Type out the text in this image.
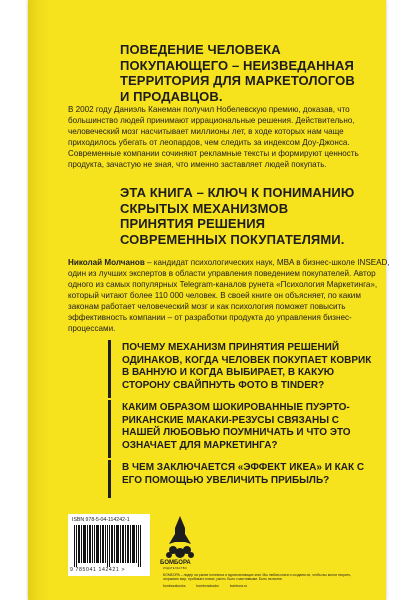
ПОВЕДЕНИЕ ЧЕЛОВЕКА ПОКУПАЮЩЕГО – НЕИЗВЕДАННАЯ ТЕРРИТОРИЯ ДЛЯ МАРКЕТОЛОГОВ И ПРОДАВЦОВ.

В 2002 году Даниэль Канеман получил Нобелевскую премию, доказав, что большинство людей принимают иррациональные решения. Действительно, человеческий мозг насчитывает миллионы лет, в ходе которых нам чаще приходилось убегать от леопардов, чем следить за индексом Доу-Джонса. Современные компании сочиняют рекламные тексты и формируют ценность продукта, зачастую не зная, что именно заставляет людей покупать.

ЭТА КНИГА – КЛЮЧ К ПОНИМАНИЮ СКРЫТЫХ МЕХАНИЗМОВ ПРИНЯТИЯ РЕШЕНИЯ СОВРЕМЕННЫХ ПОКУПАТЕЛЯМИ.

Николай Молчанов – кандидат психологических наук, MBA в бизнес-школе INSEAD, один из лучших экспертов в области управления поведением покупателей. Автор одного из самых популярных Telegram-каналов рунета «Психология Маркетинга», который читают более 110 000 человек. В своей книге он объясняет, по каким законам работает человеческий мозг и как психология поможет повысить эффективность компании – от разработки продукта до управления бизнес-процессами.

ПОЧЕМУ МЕХАНИЗМ ПРИНЯТИЯ РЕШЕНИЙ ОДИНАКОВ, КОГДА ЧЕЛОВЕК ПОКУПАЕТ КОВРИК В ВАННУЮ И КОГДА ВЫБИРАЕТ, В КАКУЮ СТОРОНУ СВАЙПНУТЬ ФОТО В TINDER?

КАКИМ ОБРАЗОМ ШОКИРОВАННЫЕ ПУЭРТО-РИКАНСКИЕ МАКАКИ-РЕЗУСЫ СВЯЗАНЫ С НАШЕЙ ЛЮБОВЬЮ ПОУМНИЧАТЬ И ЧТО ЭТО ОЗНАЧАЕТ ДЛЯ МАРКЕТИНГА?

В ЧЕМ ЗАКЛЮЧАЕТСЯ «ЭФФЕКТ ИКЕА» И КАК С ЕГО ПОМОЩЬЮ УВЕЛИЧИТЬ ПРИБЫЛЬ?

ISBN 978-5-04-114242-1
9 785041 142421 >
БОМБОРА
ИЗДАТЕЛЬСТВО

БОМБОРА – лидер на рынке полезных и вдохновляющих книг. Мы любим книги и создаем их, чтобы вы могли творить, открывать мир, пробовать новое, расти. Быть счастливыми. Быть на волне.

bomborabooks	bomborabooks	bombora.ru
